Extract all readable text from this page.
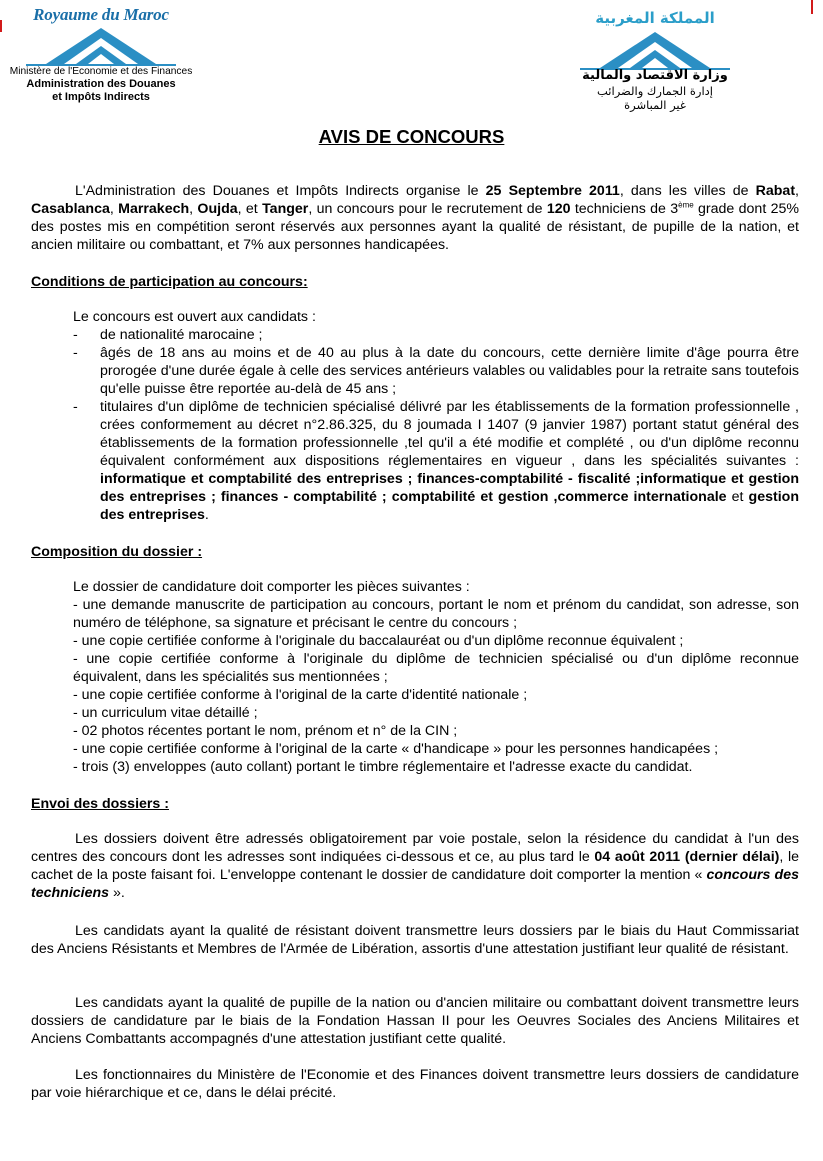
Royaume du Maroc
Ministère de l'Economie et des Finances
Administration des Douanes
et Impôts Indirects
المملكة المغربية
وزارة الاقتصاد والمالية
إدارة الجمارك والضرائب
غير المباشرة
AVIS DE CONCOURS
L'Administration des Douanes et Impôts Indirects organise le 25 Septembre 2011, dans les villes de Rabat, Casablanca, Marrakech, Oujda, et Tanger, un concours pour le recrutement de 120 techniciens de 3ème grade dont 25% des postes mis en compétition seront réservés aux personnes ayant la qualité de résistant, de pupille de la nation, et ancien militaire ou combattant, et 7% aux personnes handicapées.
Conditions de participation au concours:
Le concours est ouvert aux candidats :
- de nationalité marocaine ;
- âgés de 18 ans au moins et de 40 au plus à la date du concours, cette dernière limite d'âge pourra être prorogée d'une durée égale à celle des services antérieurs valables ou validables pour la retraite sans toutefois qu'elle puisse être reportée au-delà de 45 ans ;
- titulaires d'un diplôme de technicien spécialisé délivré par les établissements de la formation professionnelle , crées conformement au décret n°2.86.325, du 8 joumada I 1407 (9 janvier 1987) portant statut général des établissements de la formation professionnelle ,tel qu'il a été modifie et complété , ou d'un diplôme reconnu équivalent conformément aux dispositions réglementaires en vigueur , dans les spécialités suivantes : informatique et comptabilité des entreprises ; finances-comptabilité - fiscalité ;informatique et gestion des entreprises ; finances - comptabilité ; comptabilité et gestion ,commerce internationale et gestion des entreprises.
Composition du dossier :
Le dossier de candidature doit comporter les pièces suivantes :
- une demande manuscrite de participation au concours, portant le nom et prénom du candidat, son adresse, son numéro de téléphone, sa signature et précisant le centre du concours ;
- une copie certifiée conforme à l'originale du baccalauréat ou d'un diplôme reconnue équivalent ;
- une copie certifiée conforme à l'originale du diplôme de technicien spécialisé ou d'un diplôme reconnue équivalent, dans les spécialités sus mentionnées ;
- une copie certifiée conforme à l'original de la carte d'identité nationale ;
- un curriculum vitae détaillé ;
- 02 photos récentes portant le nom, prénom et n° de la CIN ;
- une copie certifiée conforme à l'original de la carte « d'handicape » pour les personnes handicapées ;
- trois (3) enveloppes (auto collant) portant le timbre réglementaire et l'adresse exacte du candidat.
Envoi des dossiers :
Les dossiers doivent être adressés obligatoirement par voie postale, selon la résidence du candidat à l'un des centres des concours dont les adresses sont indiquées ci-dessous et ce, au plus tard le 04 août 2011 (dernier délai), le cachet de la poste faisant foi. L'enveloppe contenant le dossier de candidature doit comporter la mention « concours des techniciens ».
Les candidats ayant la qualité de résistant doivent transmettre leurs dossiers par le biais du Haut Commissariat des Anciens Résistants et Membres de l'Armée de Libération, assortis d'une attestation justifiant leur qualité de résistant.
Les candidats ayant la qualité de pupille de la nation ou d'ancien militaire ou combattant doivent transmettre leurs dossiers de candidature par le biais de la Fondation Hassan II pour les Oeuvres Sociales des Anciens Militaires et Anciens Combattants accompagnés d'une attestation justifiant cette qualité.
Les fonctionnaires du Ministère de l'Economie et des Finances doivent transmettre leurs dossiers de candidature par voie hiérarchique et ce, dans le délai précité.
